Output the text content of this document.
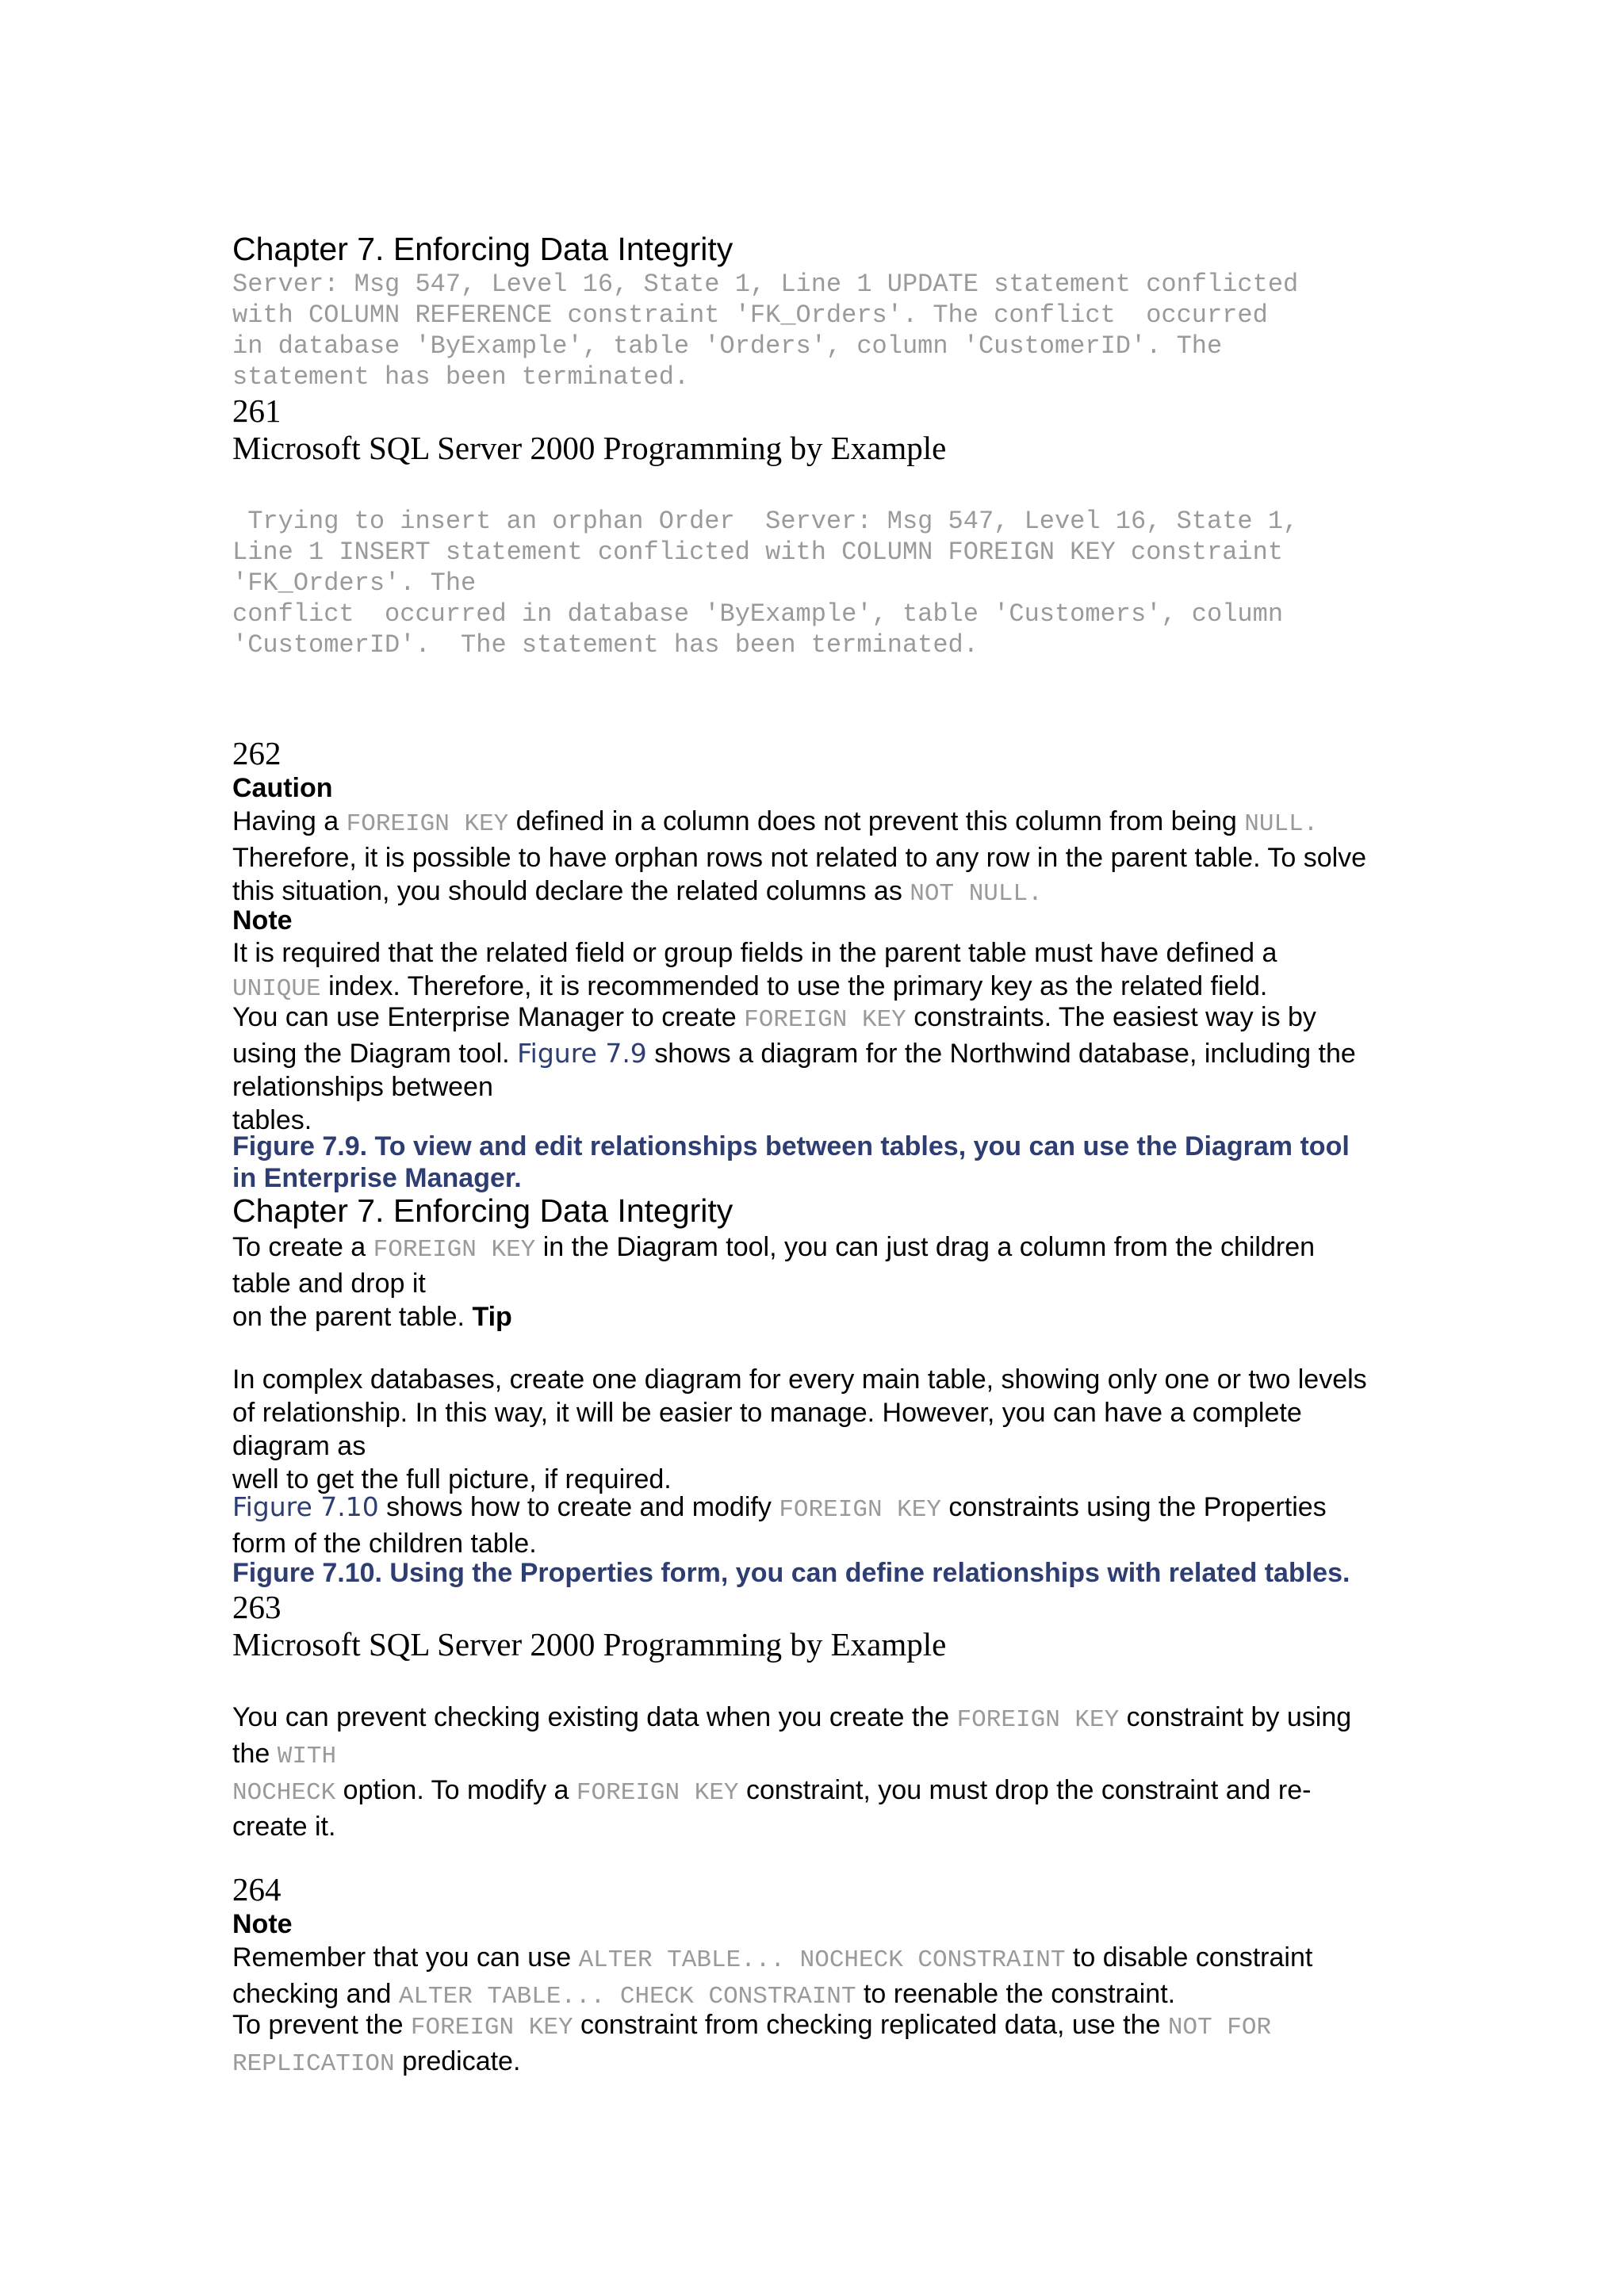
Chapter 7. Enforcing Data Integrity
Server: Msg 547, Level 16, State 1, Line 1 UPDATE statement conflicted
with COLUMN REFERENCE constraint 'FK_Orders'. The conflict  occurred
in database 'ByExample', table 'Orders', column 'CustomerID'. The
statement has been terminated.
261
Microsoft SQL Server 2000 Programming by Example
Trying to insert an orphan Order  Server: Msg 547, Level 16, State 1,
Line 1 INSERT statement conflicted with COLUMN FOREIGN KEY constraint
'FK_Orders'. The
conflict  occurred in database 'ByExample', table 'Customers', column
'CustomerID'.  The statement has been terminated.
262
Caution
Having a FOREIGN KEY defined in a column does not prevent this column from being NULL.
Therefore, it is possible to have orphan rows not related to any row in the parent table. To solve
this situation, you should declare the related columns as NOT NULL.
Note
It is required that the related field or group fields in the parent table must have defined a
UNIQUE index. Therefore, it is recommended to use the primary key as the related field.
You can use Enterprise Manager to create FOREIGN KEY constraints. The easiest way is by
using the Diagram tool. Figure 7.9 shows a diagram for the Northwind database, including the
relationships between
tables.
Figure 7.9. To view and edit relationships between tables, you can use the Diagram tool
in Enterprise Manager.
Chapter 7. Enforcing Data Integrity
To create a FOREIGN KEY in the Diagram tool, you can just drag a column from the children
table and drop it
on the parent table. Tip
In complex databases, create one diagram for every main table, showing only one or two levels
of relationship. In this way, it will be easier to manage. However, you can have a complete
diagram as
well to get the full picture, if required.
Figure 7.10 shows how to create and modify FOREIGN KEY constraints using the Properties
form of the children table.
Figure 7.10. Using the Properties form, you can define relationships with related tables.
263
Microsoft SQL Server 2000 Programming by Example
You can prevent checking existing data when you create the FOREIGN KEY constraint by using
the WITH
NOCHECK option. To modify a FOREIGN KEY constraint, you must drop the constraint and re-
create it.
264
Note
Remember that you can use ALTER TABLE... NOCHECK CONSTRAINT to disable constraint
checking and ALTER TABLE... CHECK CONSTRAINT to reenable the constraint.
To prevent the FOREIGN KEY constraint from checking replicated data, use the NOT FOR
REPLICATION predicate.
